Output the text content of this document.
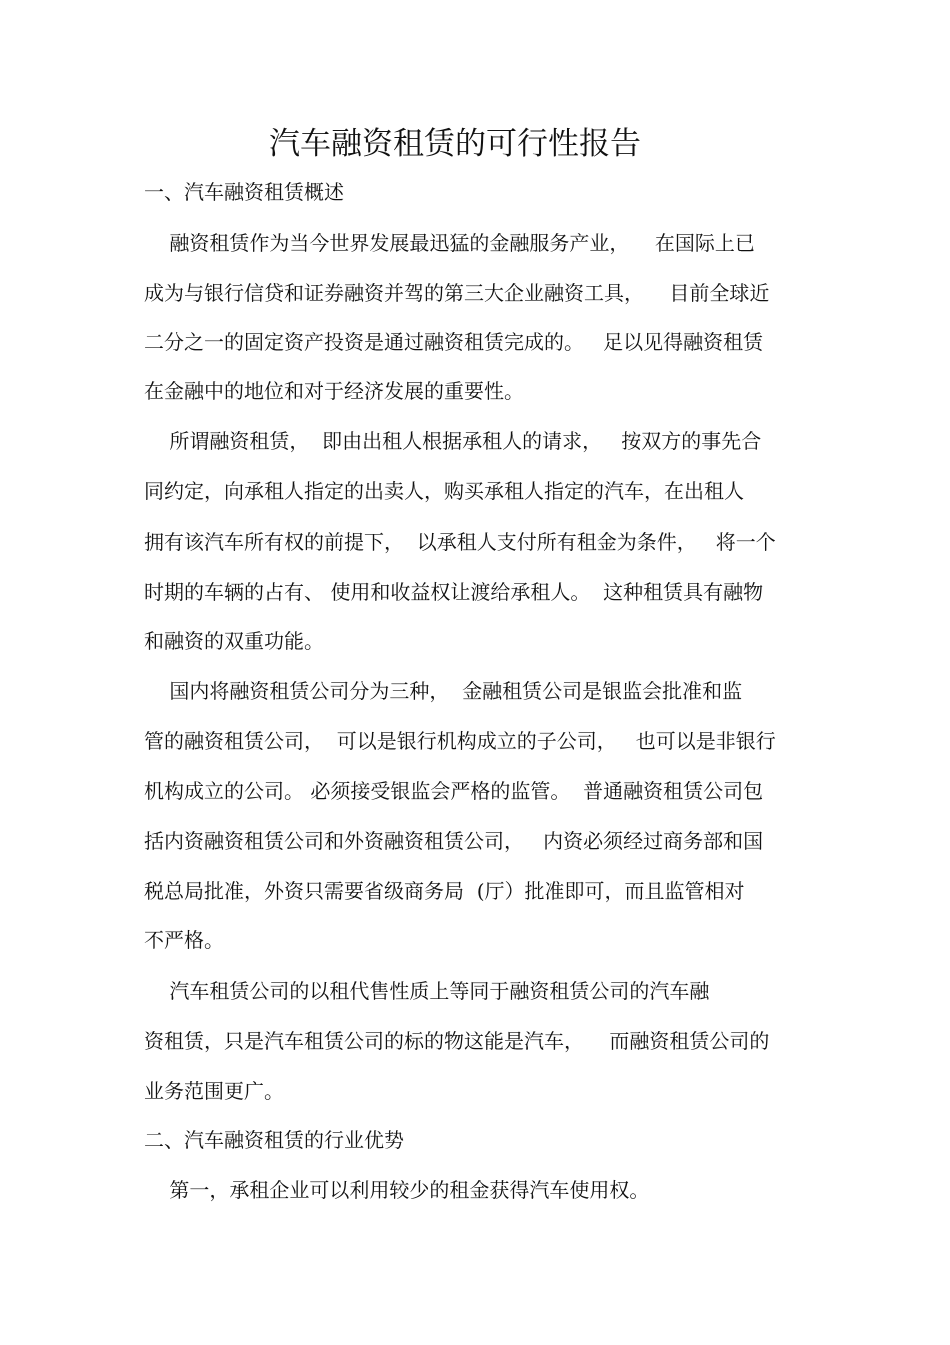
汽车融资租赁的可行性报告
一、汽车融资租赁概述
融资租赁作为当今世界发展最迅猛的金融服务产业，    在国际上已
成为与银行信贷和证券融资并驾的第三大企业融资工具，    目前全球近
二分之一的固定资产投资是通过融资租赁完成的。   足以见得融资租赁
在金融中的地位和对于经济发展的重要性。
所谓融资租赁，  即由出租人根据承租人的请求，   按双方的事先合
同约定，向承租人指定的出卖人，购买承租人指定的汽车，在出租人
拥有该汽车所有权的前提下，  以承租人支付所有租金为条件，   将一个
时期的车辆的占有、 使用和收益权让渡给承租人。  这种租赁具有融物
和融资的双重功能。
国内将融资租赁公司分为三种，  金融租赁公司是银监会批准和监
管的融资租赁公司，  可以是银行机构成立的子公司，   也可以是非银行
机构成立的公司。 必须接受银监会严格的监管。  普通融资租赁公司包
括内资融资租赁公司和外资融资租赁公司，   内资必须经过商务部和国
税总局批准，外资只需要省级商务局  (厅）批准即可，而且监管相对
不严格。
汽车租赁公司的以租代售性质上等同于融资租赁公司的汽车融
资租赁，只是汽车租赁公司的标的物这能是汽车，    而融资租赁公司的
业务范围更广。
二、汽车融资租赁的行业优势
第一，承租企业可以利用较少的租金获得汽车使用权。
